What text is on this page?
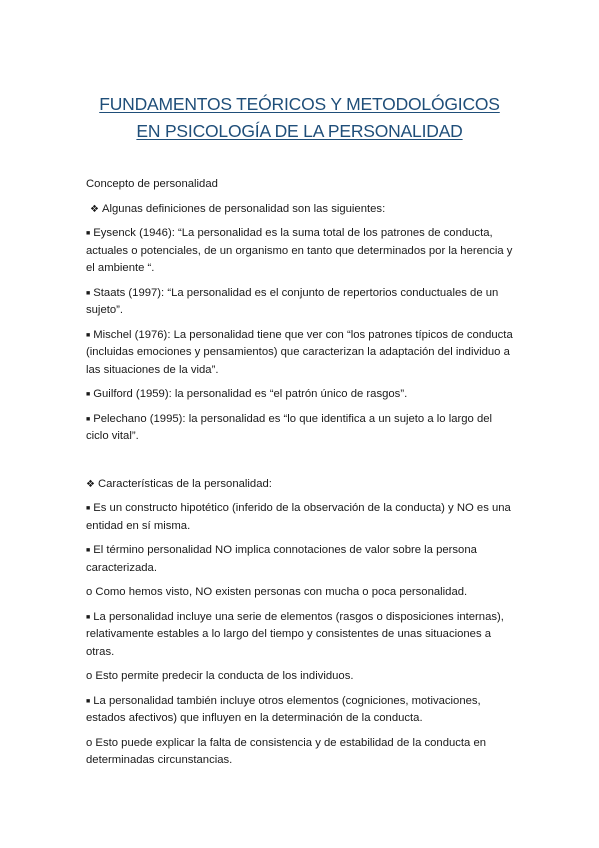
FUNDAMENTOS TEÓRICOS Y METODOLÓGICOS
EN PSICOLOGÍA DE LA PERSONALIDAD

Concepto de personalidad

❖ Algunas definiciones de personalidad son las siguientes:

■ Eysenck (1946): “La personalidad es la suma total de los patrones de conducta, actuales o potenciales, de un organismo en tanto que determinados por la herencia y el ambiente “.

■ Staats (1997): “La personalidad es el conjunto de repertorios conductuales de un sujeto”.

■ Mischel (1976): La personalidad tiene que ver con “los patrones típicos de conducta (incluidas emociones y pensamientos) que caracterizan la adaptación del individuo a las situaciones de la vida”.

■ Guilford (1959): la personalidad es “el patrón único de rasgos”.

■ Pelechano (1995): la personalidad es “lo que identifica a un sujeto a lo largo del ciclo vital”.

❖ Características de la personalidad:

■ Es un constructo hipotético (inferido de la observación de la conducta) y NO es una entidad en sí misma.

■ El término personalidad NO implica connotaciones de valor sobre la persona caracterizada.

o Como hemos visto, NO existen personas con mucha o poca personalidad.

■ La personalidad incluye una serie de elementos (rasgos o disposiciones internas), relativamente estables a lo largo del tiempo y consistentes de unas situaciones a otras.

o Esto permite predecir la conducta de los individuos.

■ La personalidad también incluye otros elementos (cogniciones, motivaciones, estados afectivos) que influyen en la determinación de la conducta.

o Esto puede explicar la falta de consistencia y de estabilidad de la conducta en determinadas circunstancias.
